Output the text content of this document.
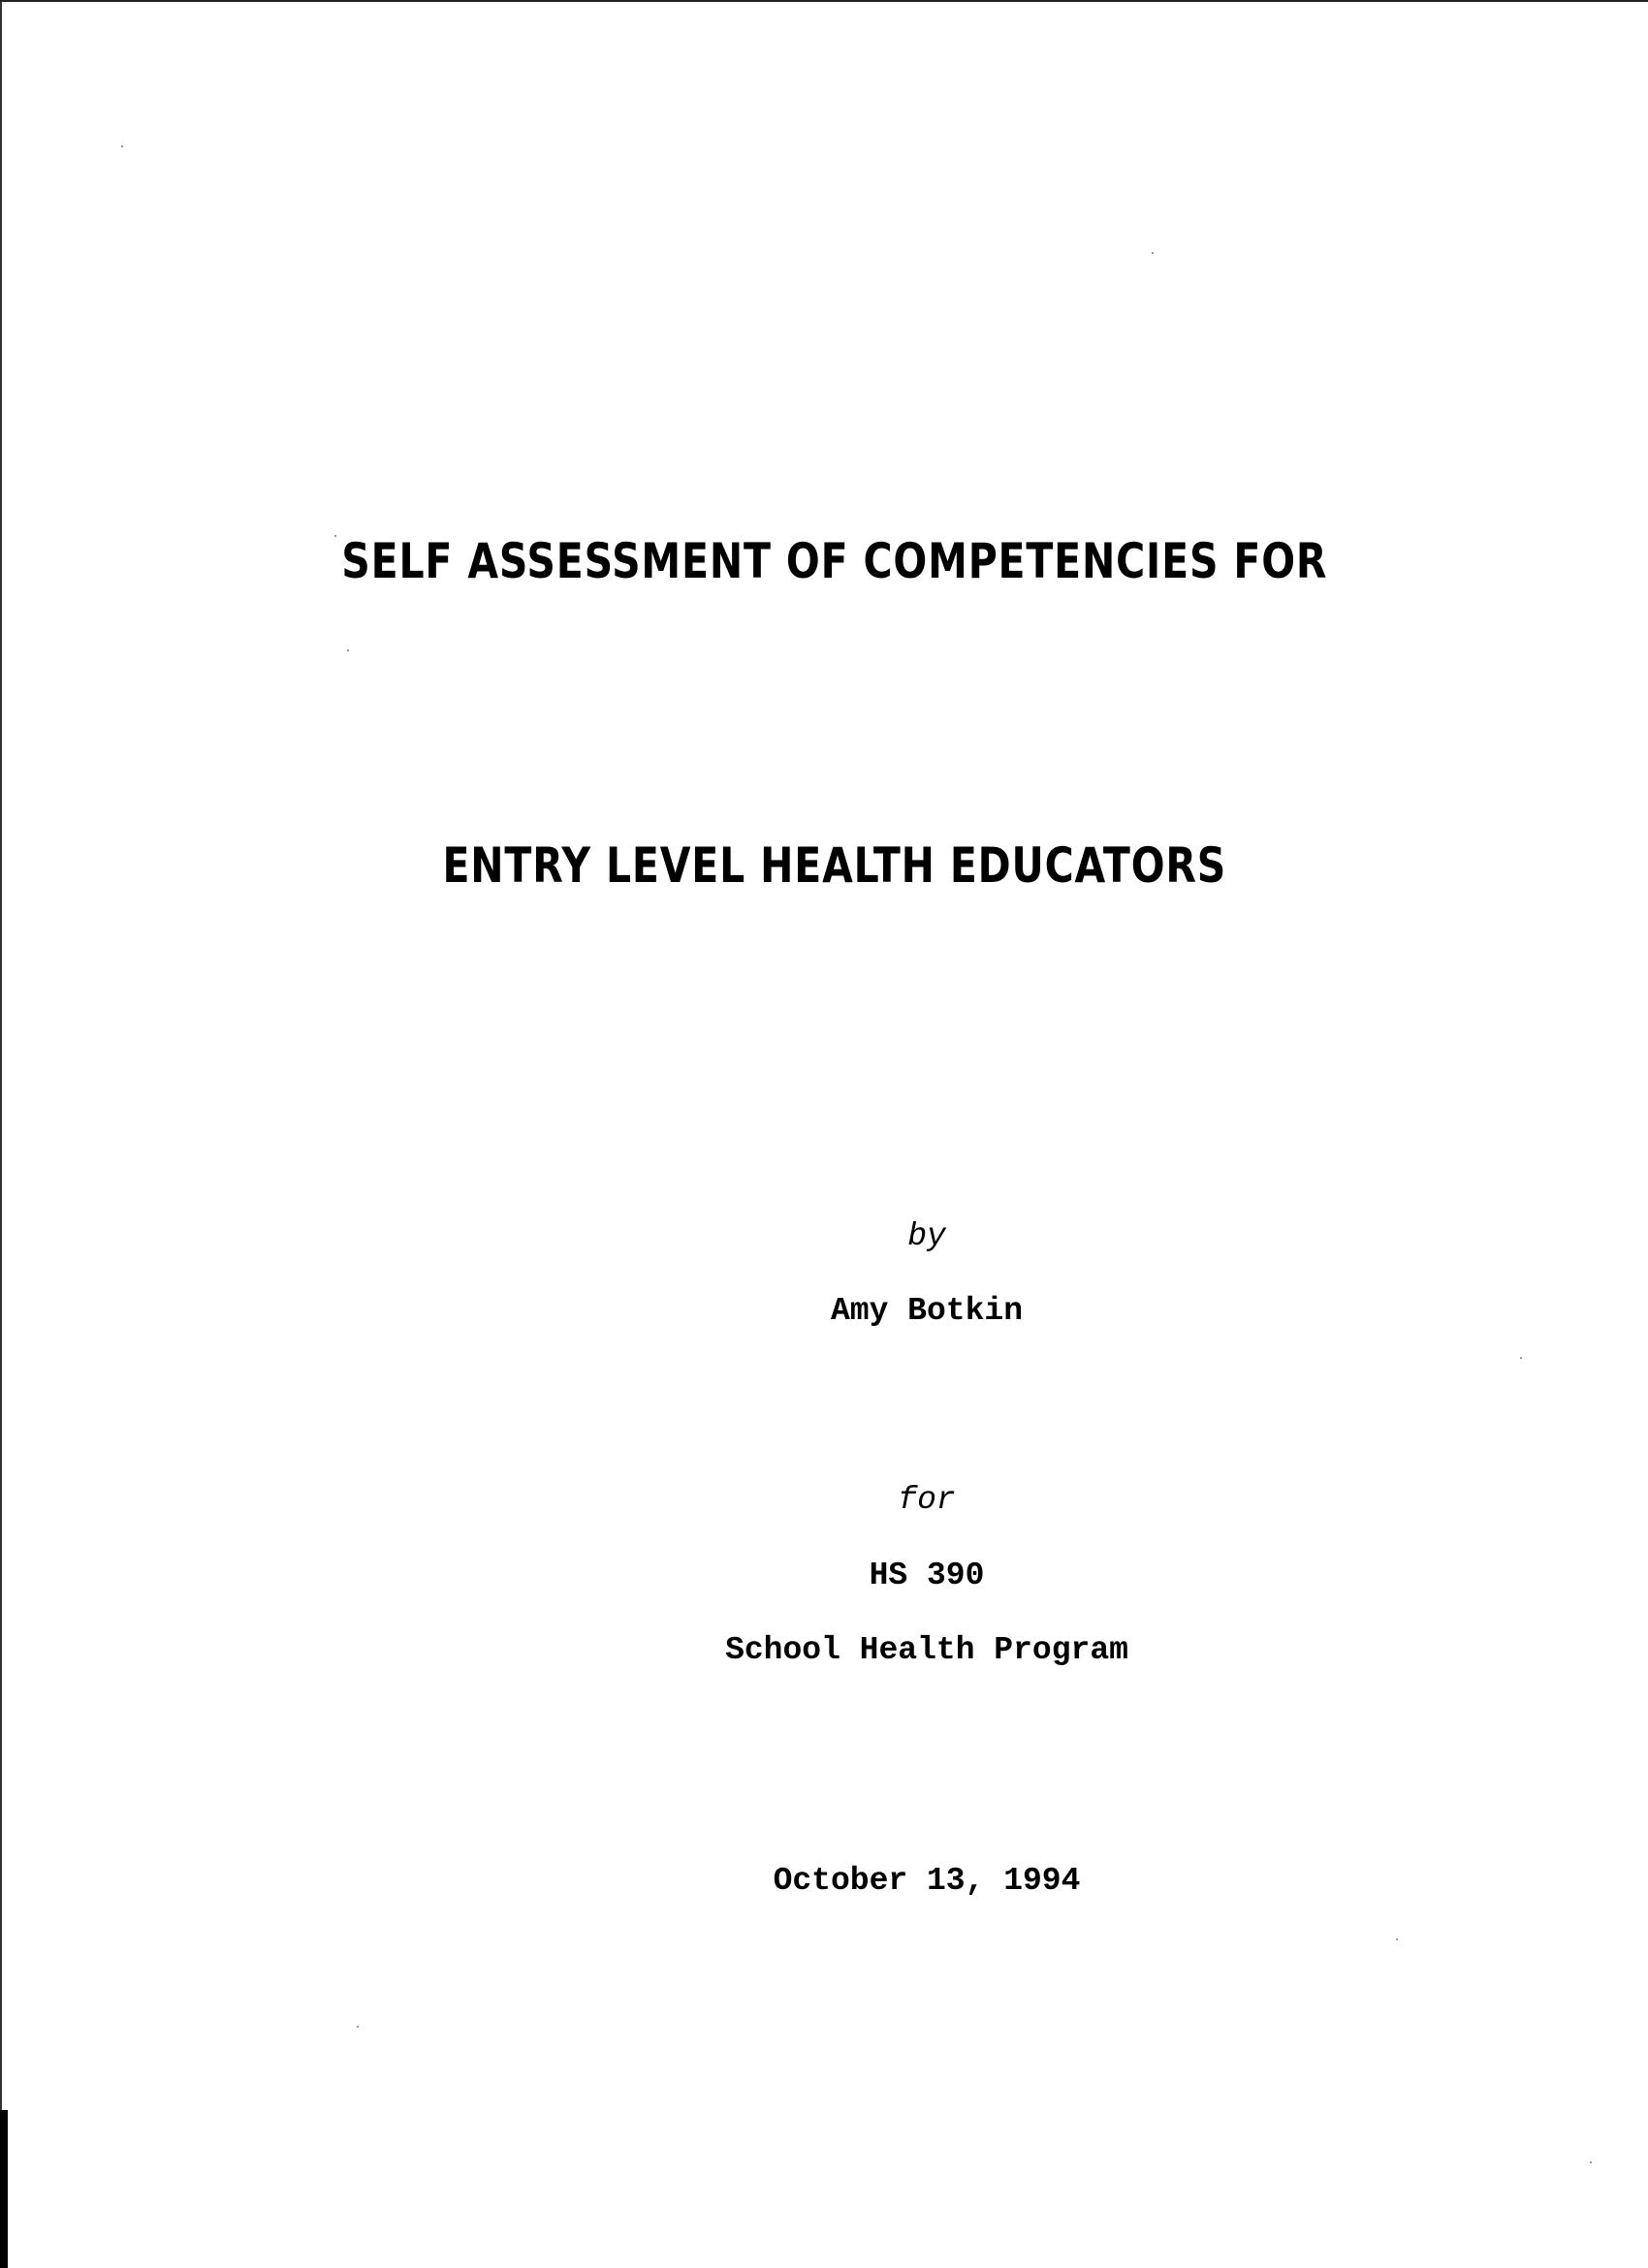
SELF ASSESSMENT OF COMPETENCIES FOR
ENTRY LEVEL HEALTH EDUCATORS
by
Amy Botkin
for
HS 390
School Health Program
October 13, 1994
